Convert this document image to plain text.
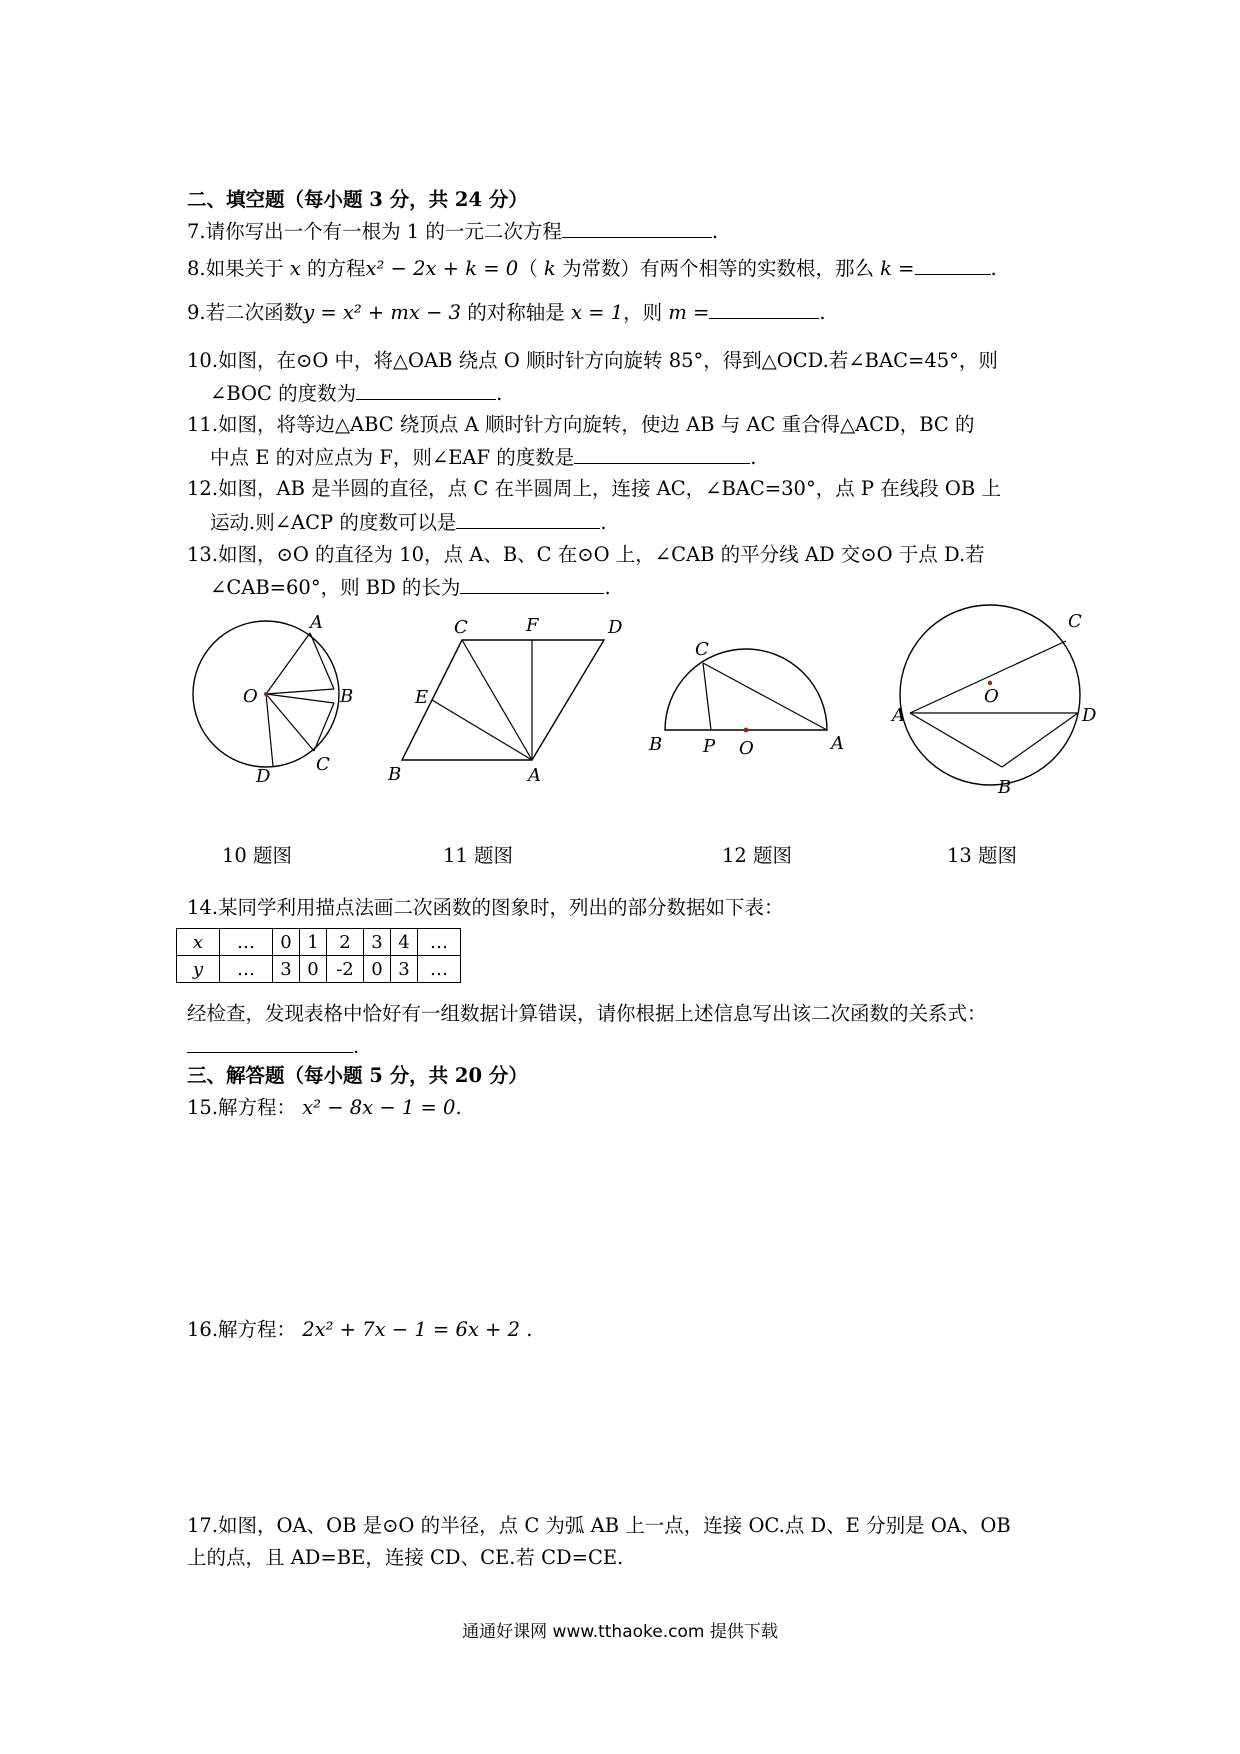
二、填空题（每小题 3 分，共 24 分）
7.请你写出一个有一根为 1 的一元二次方程	.
8.如果关于 x 的方程x² − 2x + k = 0（ k 为常数）有两个相等的实数根，那么 k =	.
9.若二次函数y = x² + mx − 3 的对称轴是 x = 1，则 m =	.
10.如图，在⊙O 中，将△OAB 绕点 O 顺时针方向旋转 85°，得到△OCD.若∠BAC=45°，则
∠BOC 的度数为	.
11.如图，将等边△ABC 绕顶点 A 顺时针方向旋转，使边 AB 与 AC 重合得△ACD，BC 的
中点 E 的对应点为 F，则∠EAF 的度数是	.
12.如图，AB 是半圆的直径，点 C 在半圆周上，连接 AC，∠BAC=30°，点 P 在线段 OB 上
运动.则∠ACP 的度数可以是	.
13.如图，⊙O 的直径为 10，点 A、B、C 在⊙O 上，∠CAB 的平分线 AD 交⊙O 于点 D.若
∠CAB=60°，则 BD 的长为	.
A
B
C
D
O
C	F	D
E
B	A
C
B P O	A
C
O
A	D
B
10 题图	11 题图	12 题图	13 题图
14.某同学利用描点法画二次函数的图象时，列出的部分数据如下表：
x	…	0	1	2	3	4	…
y	…	3	0	-2	0	3	…
经检查，发现表格中恰好有一组数据计算错误，请你根据上述信息写出该二次函数的关系式：
.
三、解答题（每小题 5 分，共 20 分）
15.解方程： x² − 8x − 1 = 0.
16.解方程： 2x² + 7x − 1 = 6x + 2 .
17.如图，OA、OB 是⊙O 的半径，点 C 为弧 AB 上一点，连接 OC.点 D、E 分别是 OA、OB
上的点，且 AD=BE，连接 CD、CE.若 CD=CE.
通通好课网 www.tthaoke.com 提供下载
